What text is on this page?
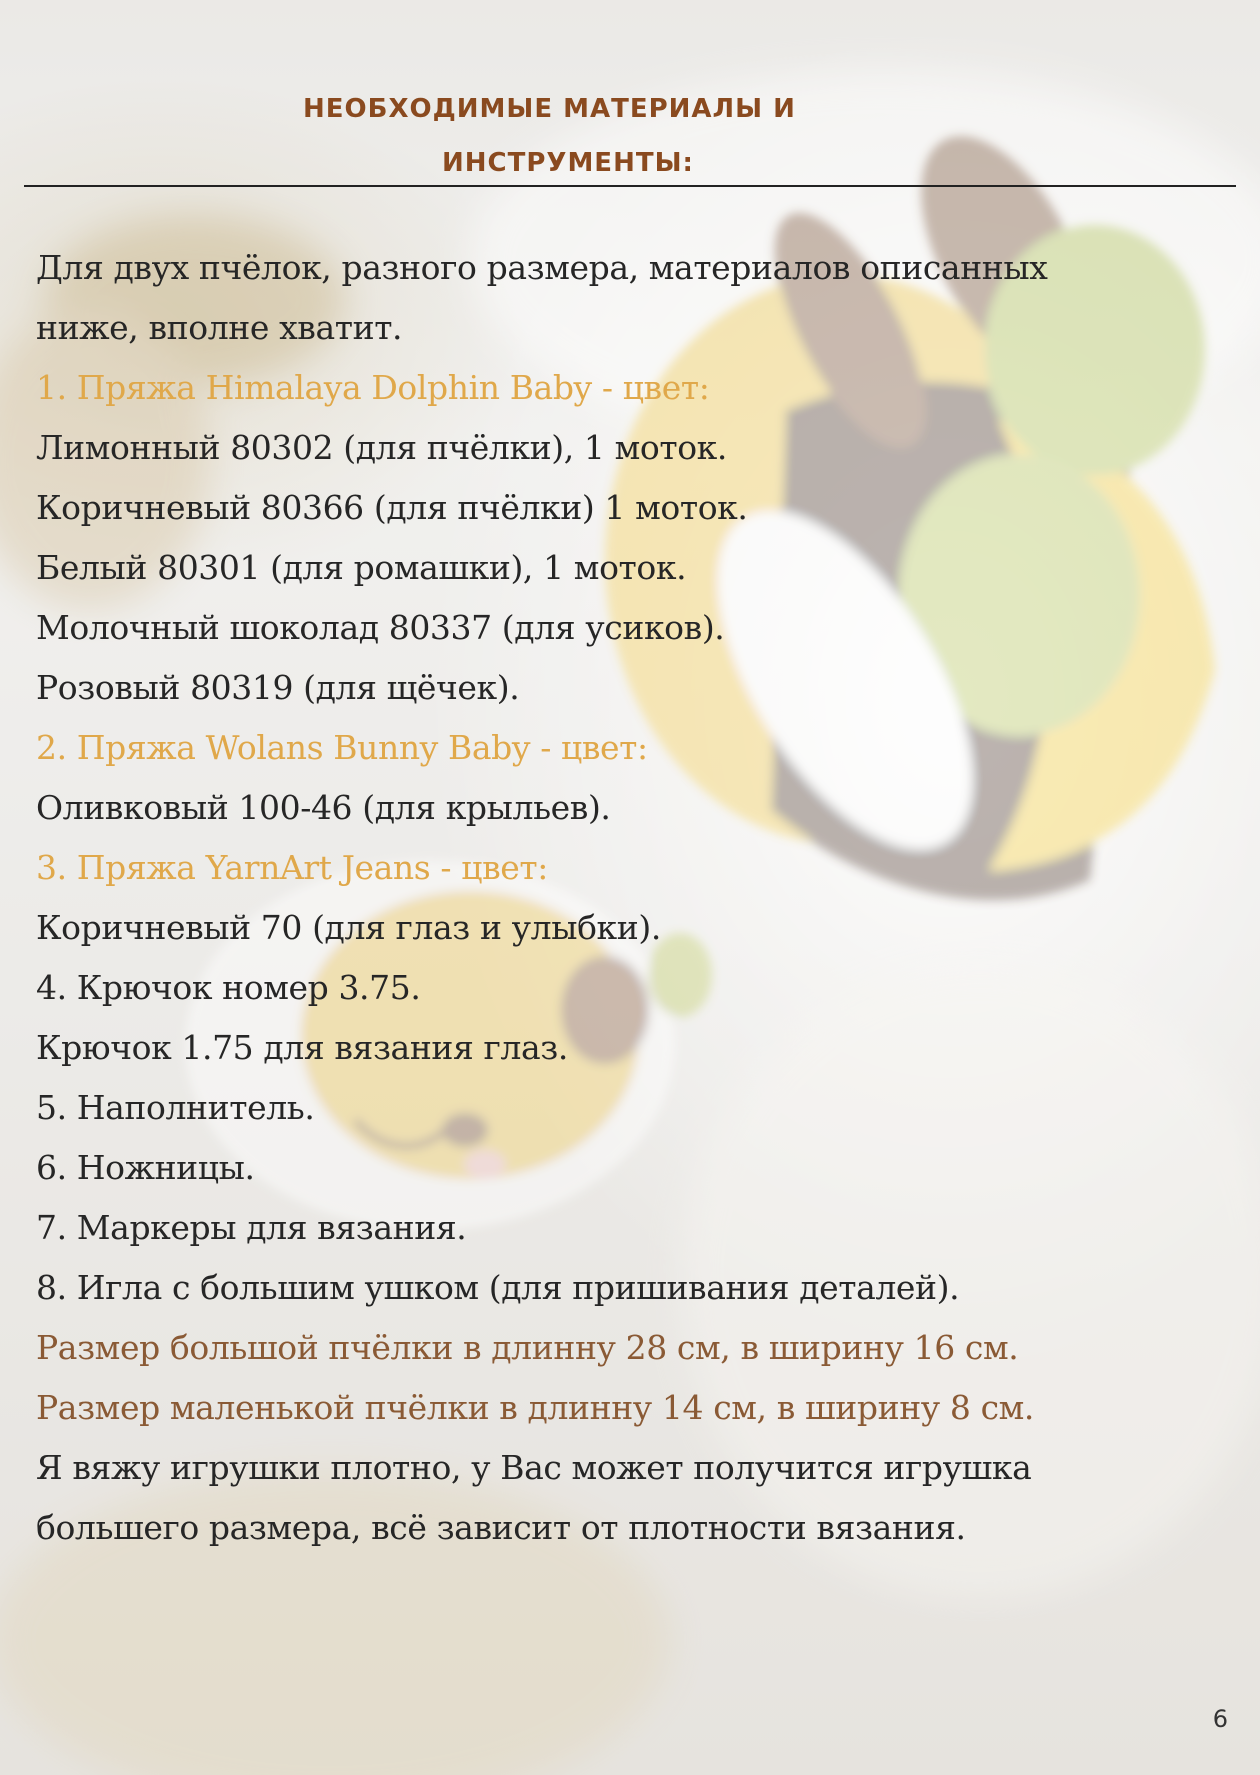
НЕОБХОДИМЫЕ МАТЕРИАЛЫ И
ИНСТРУМЕНТЫ:
Для двух пчёлок, разного размера, материалов описанных
ниже, вполне хватит.
1. Пряжа Himalaya Dolphin Baby - цвет:
Лимонный 80302 (для пчёлки), 1 моток.
Коричневый 80366 (для пчёлки) 1 моток.
Белый 80301 (для ромашки), 1 моток.
Молочный шоколад 80337 (для усиков).
Розовый 80319 (для щёчек).
2. Пряжа Wolans Bunny Baby - цвет:
Оливковый 100-46 (для крыльев).
3. Пряжа YarnArt Jeans - цвет:
Коричневый 70 (для глаз и улыбки).
4. Крючок номер 3.75.
Крючок 1.75 для вязания глаз.
5. Наполнитель.
6. Ножницы.
7. Маркеры для вязания.
8. Игла с большим ушком (для пришивания деталей).
Размер большой пчёлки в длинну 28 см, в ширину 16 см.
Размер маленькой пчёлки в длинну 14 см, в ширину 8 см.
Я вяжу игрушки плотно, у Вас может получится игрушка
большего размера, всё зависит от плотности вязания.
6
